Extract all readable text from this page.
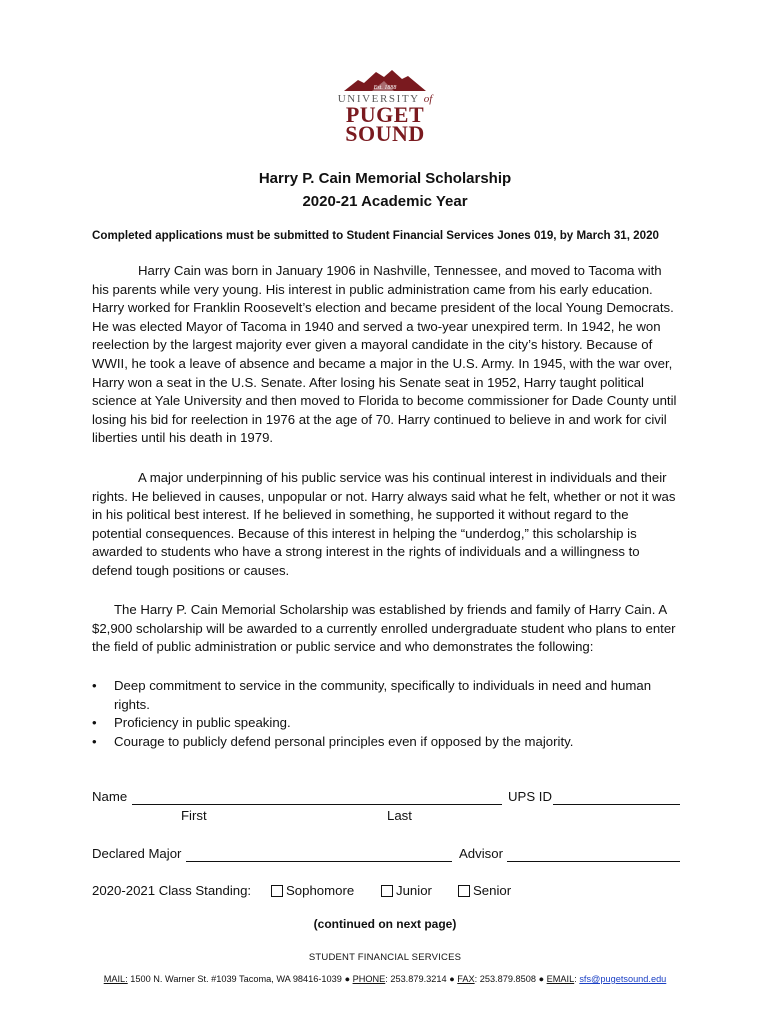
Est. 1888
UNIVERSITY of
PUGET
SOUND
Harry P. Cain Memorial Scholarship
2020-21 Academic Year
Completed applications must be submitted to Student Financial Services Jones 019, by March 31, 2020

Harry Cain was born in January 1906 in Nashville, Tennessee, and moved to Tacoma with his parents while very young. His interest in public administration came from his early education. Harry worked for Franklin Roosevelt’s election and became president of the local Young Democrats. He was elected Mayor of Tacoma in 1940 and served a two-year unexpired term. In 1942, he won reelection by the largest majority ever given a mayoral candidate in the city’s history. Because of WWII, he took a leave of absence and became a major in the U.S. Army. In 1945, with the war over, Harry won a seat in the U.S. Senate. After losing his Senate seat in 1952, Harry taught political science at Yale University and then moved to Florida to become commissioner for Dade County until losing his bid for reelection in 1976 at the age of 70. Harry continued to believe in and work for civil liberties until his death in 1979.

A major underpinning of his public service was his continual interest in individuals and their rights. He believed in causes, unpopular or not. Harry always said what he felt, whether or not it was in his political best interest. If he believed in something, he supported it without regard to the potential consequences. Because of this interest in helping the “underdog,” this scholarship is awarded to students who have a strong interest in the rights of individuals and a willingness to defend tough positions or causes.

The Harry P. Cain Memorial Scholarship was established by friends and family of Harry Cain. A $2,900 scholarship will be awarded to a currently enrolled undergraduate student who plans to enter the field of public administration or public service and who demonstrates the following:

• Deep commitment to service in the community, specifically to individuals in need and human rights.
• Proficiency in public speaking.
• Courage to publicly defend personal principles even if opposed by the majority.
Name	UPS ID
First	Last
Declared Major	Advisor
2020-2021 Class Standing:	Sophomore	Junior	Senior
(continued on next page)
STUDENT FINANCIAL SERVICES
MAIL: 1500 N. Warner St. #1039 Tacoma, WA 98416-1039 ● PHONE: 253.879.3214 ● FAX: 253.879.8508 ● EMAIL: sfs@pugetsound.edu
